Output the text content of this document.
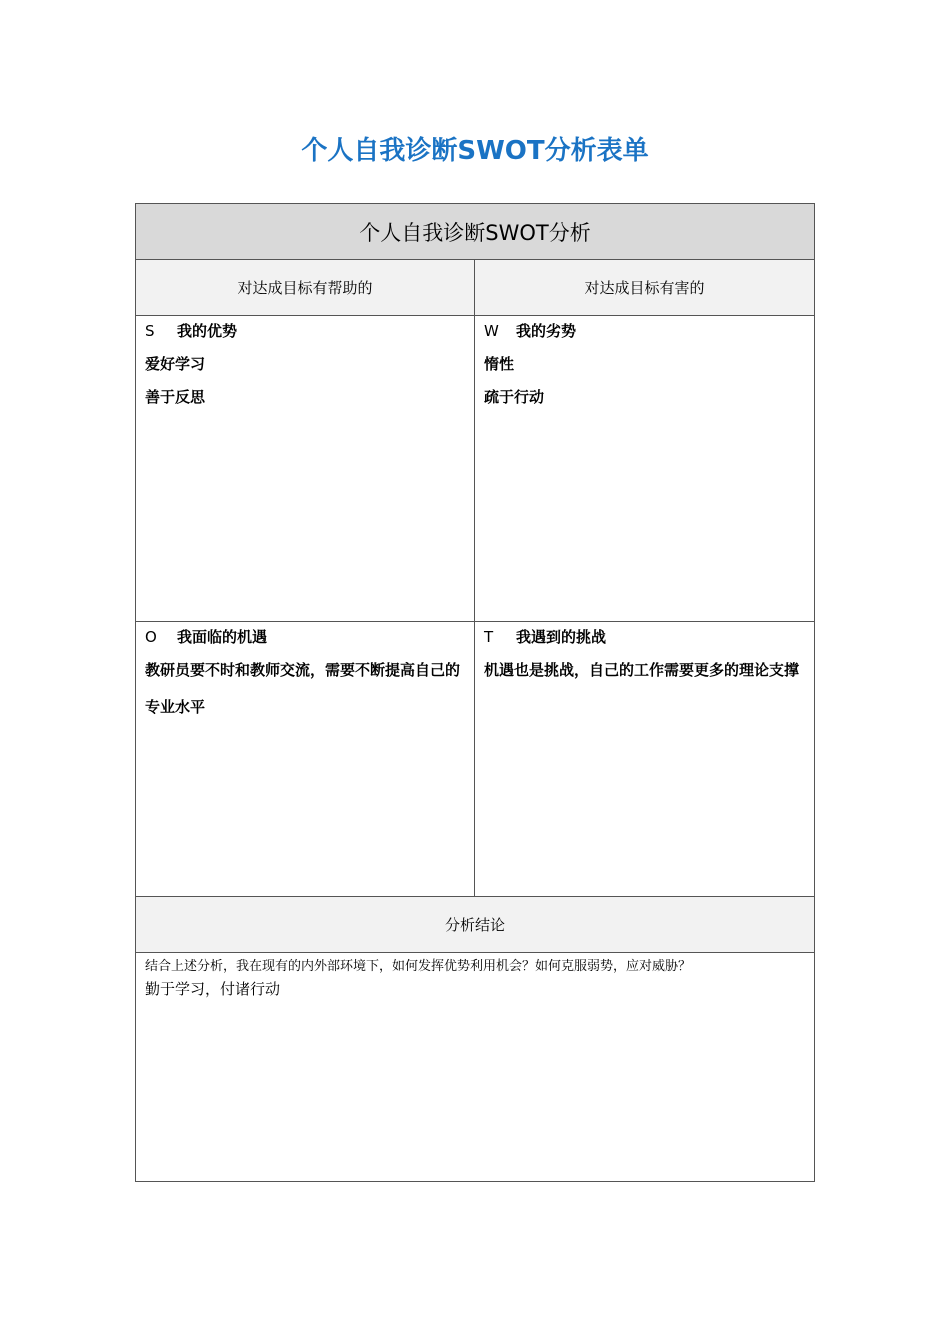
个人自我诊断SWOT分析表单
个人自我诊断SWOT分析
对达成目标有帮助的	对达成目标有害的
S	我的优势
爱好学习
善于反思
W	我的劣势
惰性
疏于行动
O	我面临的机遇
教研员要不时和教师交流，需要不断提高自己的专业水平
T	我遇到的挑战
机遇也是挑战，自己的工作需要更多的理论支撑
分析结论
结合上述分析，我在现有的内外部环境下，如何发挥优势利用机会？如何克服弱势，应对威胁？
勤于学习，付诸行动
